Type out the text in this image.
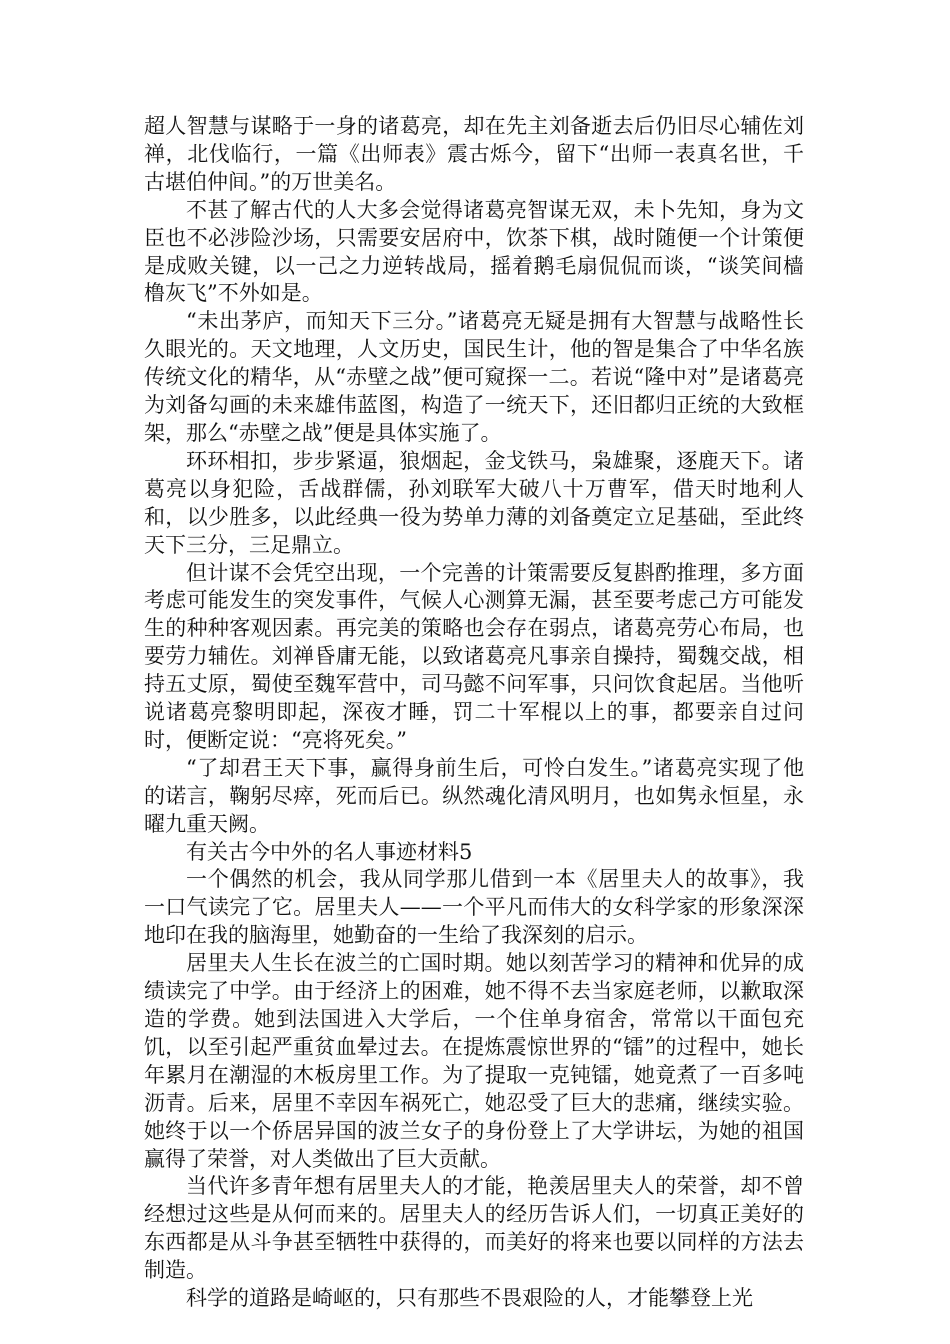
超人智慧与谋略于一身的诸葛亮，却在先主刘备逝去后仍旧尽心辅佐刘禅，北伐临行，一篇《出师表》震古烁今，留下“出师一表真名世，千古堪伯仲间。”的万世美名。

不甚了解古代的人大多会觉得诸葛亮智谋无双，未卜先知，身为文臣也不必涉险沙场，只需要安居府中，饮茶下棋，战时随便一个计策便是成败关键，以一己之力逆转战局，摇着鹅毛扇侃侃而谈，“谈笑间樯橹灰飞”不外如是。

“未出茅庐，而知天下三分。”诸葛亮无疑是拥有大智慧与战略性长久眼光的。天文地理，人文历史，国民生计，他的智是集合了中华名族传统文化的精华，从“赤壁之战”便可窥探一二。若说“隆中对”是诸葛亮为刘备勾画的未来雄伟蓝图，构造了一统天下，还旧都归正统的大致框架，那么“赤壁之战”便是具体实施了。

环环相扣，步步紧逼，狼烟起，金戈铁马，枭雄聚，逐鹿天下。诸葛亮以身犯险，舌战群儒，孙刘联军大破八十万曹军，借天时地利人和，以少胜多，以此经典一役为势单力薄的刘备奠定立足基础，至此终天下三分，三足鼎立。

但计谋不会凭空出现，一个完善的计策需要反复斟酌推理，多方面考虑可能发生的突发事件，气候人心测算无漏，甚至要考虑己方可能发生的种种客观因素。再完美的策略也会存在弱点，诸葛亮劳心布局，也要劳力辅佐。刘禅昏庸无能，以致诸葛亮凡事亲自操持，蜀魏交战，相持五丈原，蜀使至魏军营中，司马懿不问军事，只问饮食起居。当他听说诸葛亮黎明即起，深夜才睡，罚二十军棍以上的事，都要亲自过问时，便断定说：“亮将死矣。”

“了却君王天下事，赢得身前生后，可怜白发生。”诸葛亮实现了他的诺言，鞠躬尽瘁，死而后已。纵然魂化清风明月，也如隽永恒星，永曜九重天阙。

有关古今中外的名人事迹材料5

一个偶然的机会，我从同学那儿借到一本《居里夫人的故事》，我一口气读完了它。居里夫人——一个平凡而伟大的女科学家的形象深深地印在我的脑海里，她勤奋的一生给了我深刻的启示。

居里夫人生长在波兰的亡国时期。她以刻苦学习的精神和优异的成绩读完了中学。由于经济上的困难，她不得不去当家庭老师，以歉取深造的学费。她到法国进入大学后，一个住单身宿舍，常常以干面包充饥，以至引起严重贫血晕过去。在提炼震惊世界的“镭”的过程中，她长年累月在潮湿的木板房里工作。为了提取一克钝镭，她竟煮了一百多吨沥青。后来，居里不幸因车祸死亡，她忍受了巨大的悲痛，继续实验。她终于以一个侨居异国的波兰女子的身份登上了大学讲坛，为她的祖国赢得了荣誉，对人类做出了巨大贡献。

当代许多青年想有居里夫人的才能，艳羡居里夫人的荣誉，却不曾经想过这些是从何而来的。居里夫人的经历告诉人们，一切真正美好的东西都是从斗争甚至牺牲中获得的，而美好的将来也要以同样的方法去制造。

科学的道路是崎岖的，只有那些不畏艰险的人，才能攀登上光
